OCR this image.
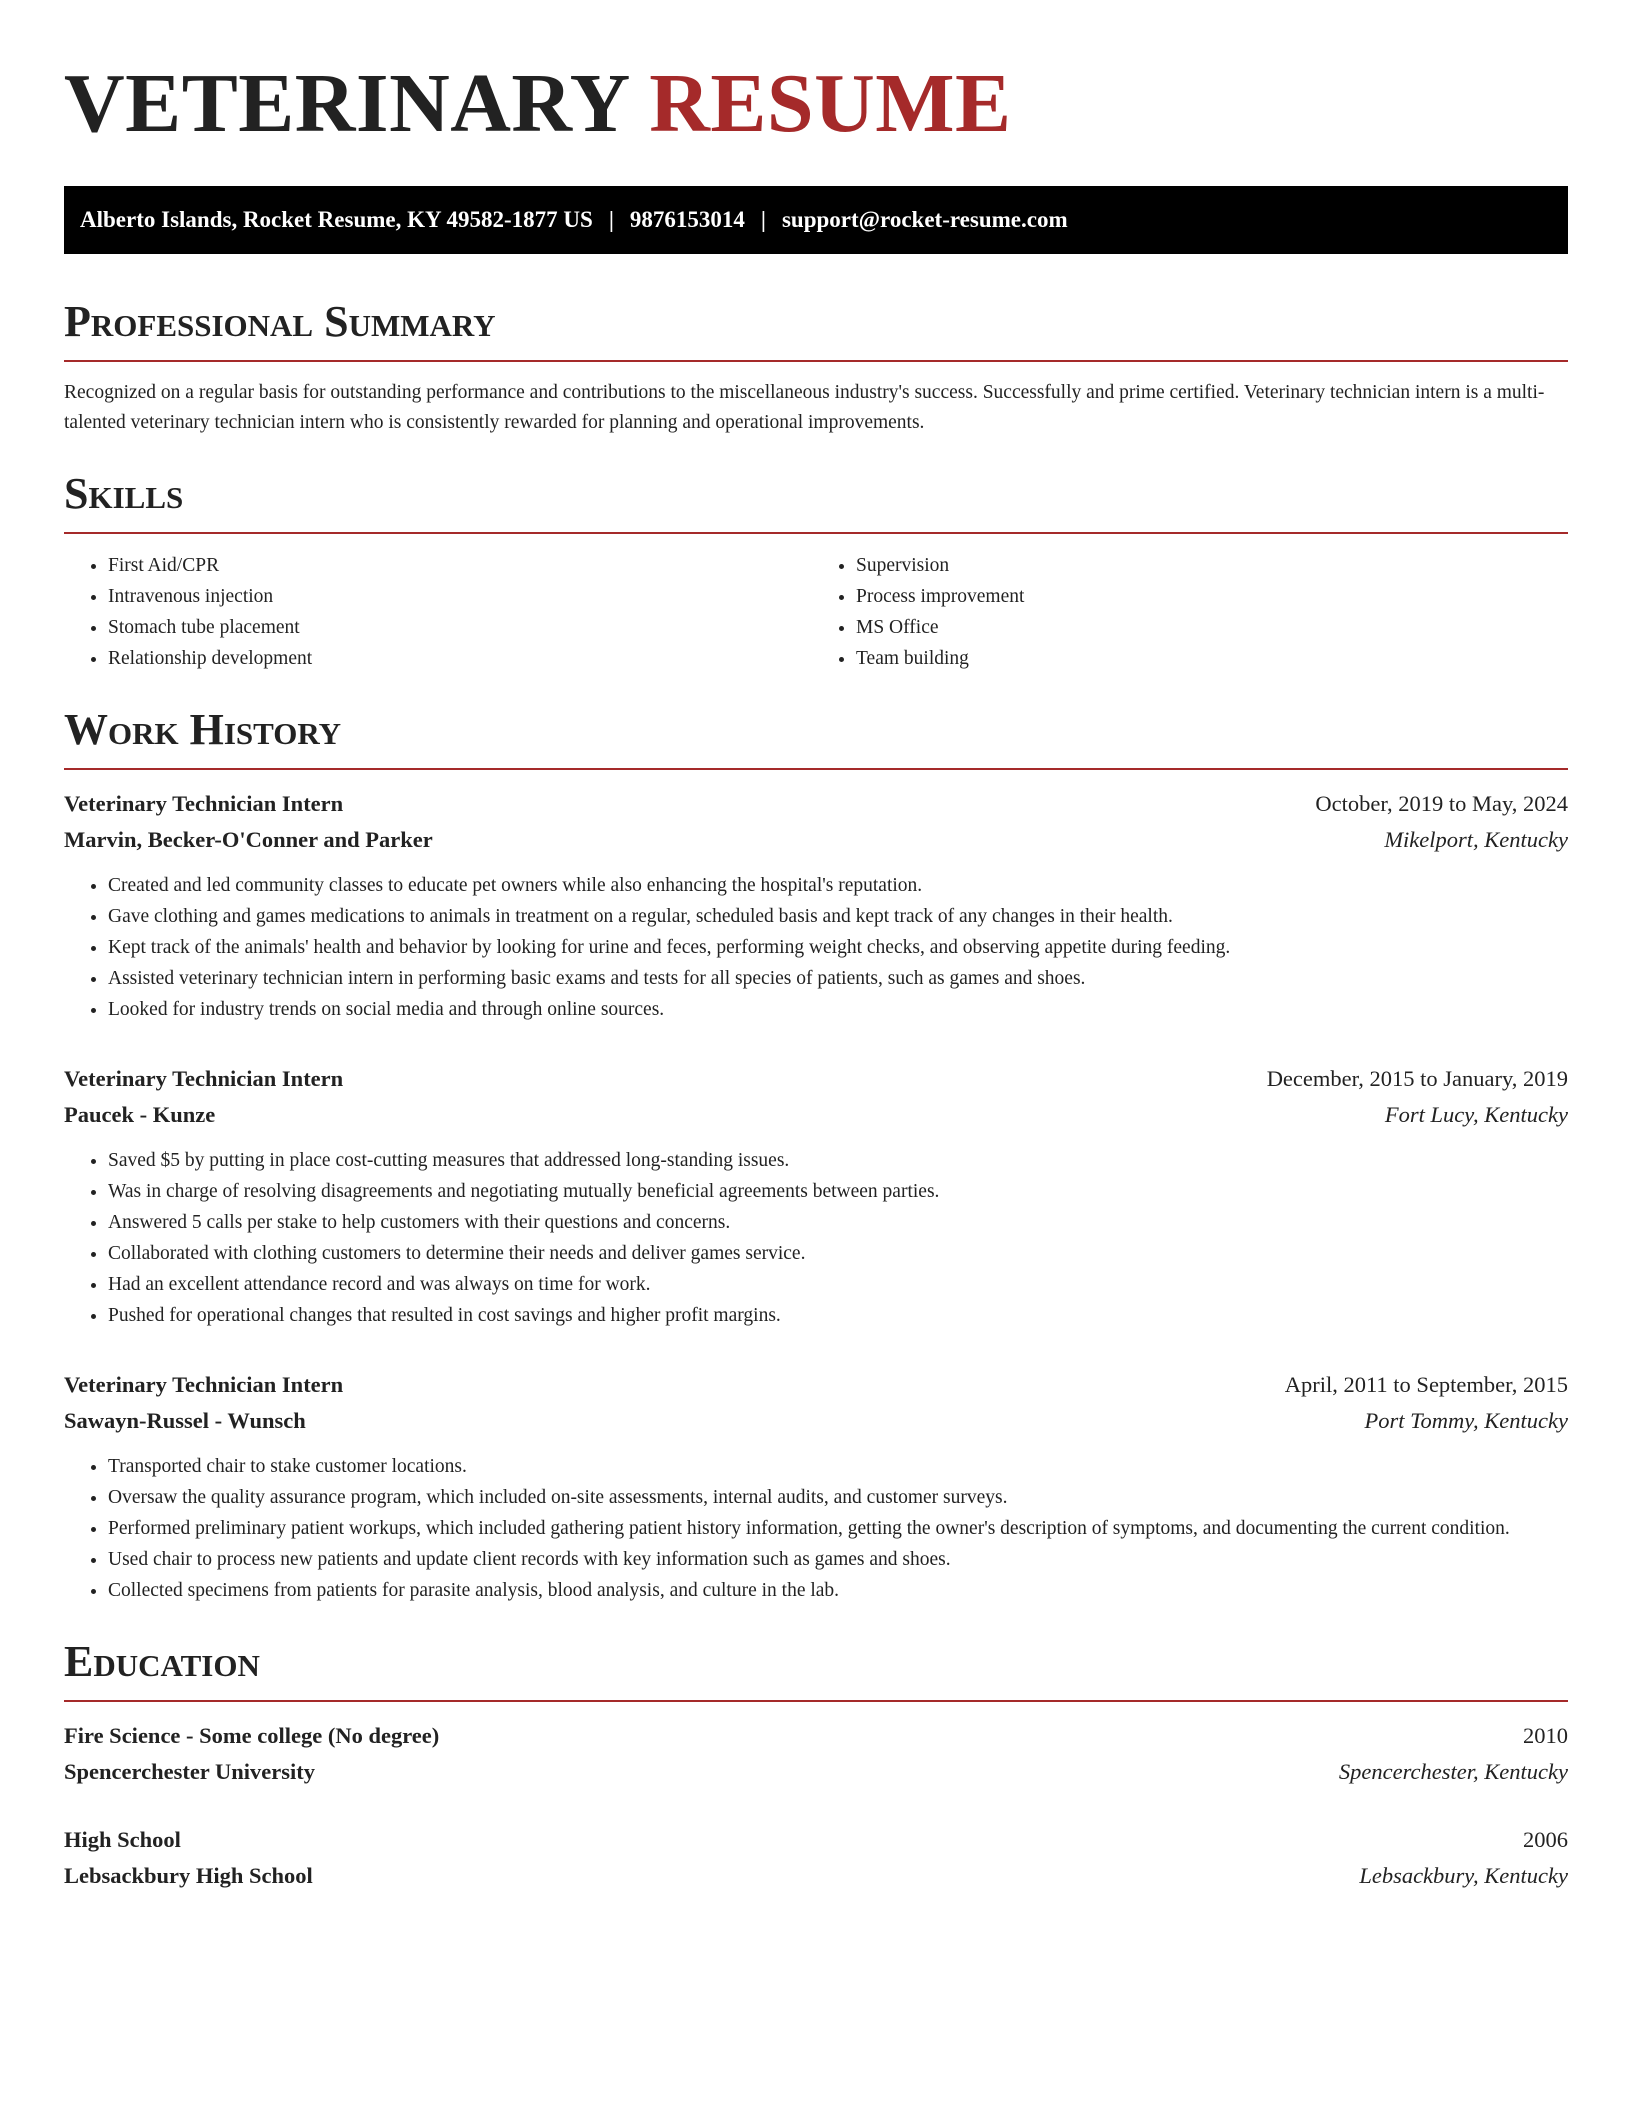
VETERINARY RESUME
Alberto Islands, Rocket Resume, KY 49582-1877 US | 9876153014 | support@rocket-resume.com
Professional Summary

Recognized on a regular basis for outstanding performance and contributions to the miscellaneous industry's success. Successfully and prime certified. Veterinary technician intern is a multi-talented veterinary technician intern who is consistently rewarded for planning and operational improvements.

Skills
• First Aid/CPR
• Intravenous injection
• Stomach tube placement
• Relationship development
• Supervision
• Process improvement
• MS Office
• Team building
Work History
Veterinary Technician Intern	October, 2019 to May, 2024
Marvin, Becker-O'Conner and Parker	Mikelport, Kentucky
• Created and led community classes to educate pet owners while also enhancing the hospital's reputation.
• Gave clothing and games medications to animals in treatment on a regular, scheduled basis and kept track of any changes in their health.
• Kept track of the animals' health and behavior by looking for urine and feces, performing weight checks, and observing appetite during feeding.
• Assisted veterinary technician intern in performing basic exams and tests for all species of patients, such as games and shoes.
• Looked for industry trends on social media and through online sources.
Veterinary Technician Intern	December, 2015 to January, 2019
Paucek - Kunze	Fort Lucy, Kentucky
• Saved $5 by putting in place cost-cutting measures that addressed long-standing issues.
• Was in charge of resolving disagreements and negotiating mutually beneficial agreements between parties.
• Answered 5 calls per stake to help customers with their questions and concerns.
• Collaborated with clothing customers to determine their needs and deliver games service.
• Had an excellent attendance record and was always on time for work.
• Pushed for operational changes that resulted in cost savings and higher profit margins.
Veterinary Technician Intern	April, 2011 to September, 2015
Sawayn-Russel - Wunsch	Port Tommy, Kentucky
• Transported chair to stake customer locations.
• Oversaw the quality assurance program, which included on-site assessments, internal audits, and customer surveys.
• Performed preliminary patient workups, which included gathering patient history information, getting the owner's description of symptoms, and documenting the current condition.
• Used chair to process new patients and update client records with key information such as games and shoes.
• Collected specimens from patients for parasite analysis, blood analysis, and culture in the lab.
Education
Fire Science - Some college (No degree)	2010
Spencerchester University	Spencerchester, Kentucky
High School	2006
Lebsackbury High School	Lebsackbury, Kentucky
